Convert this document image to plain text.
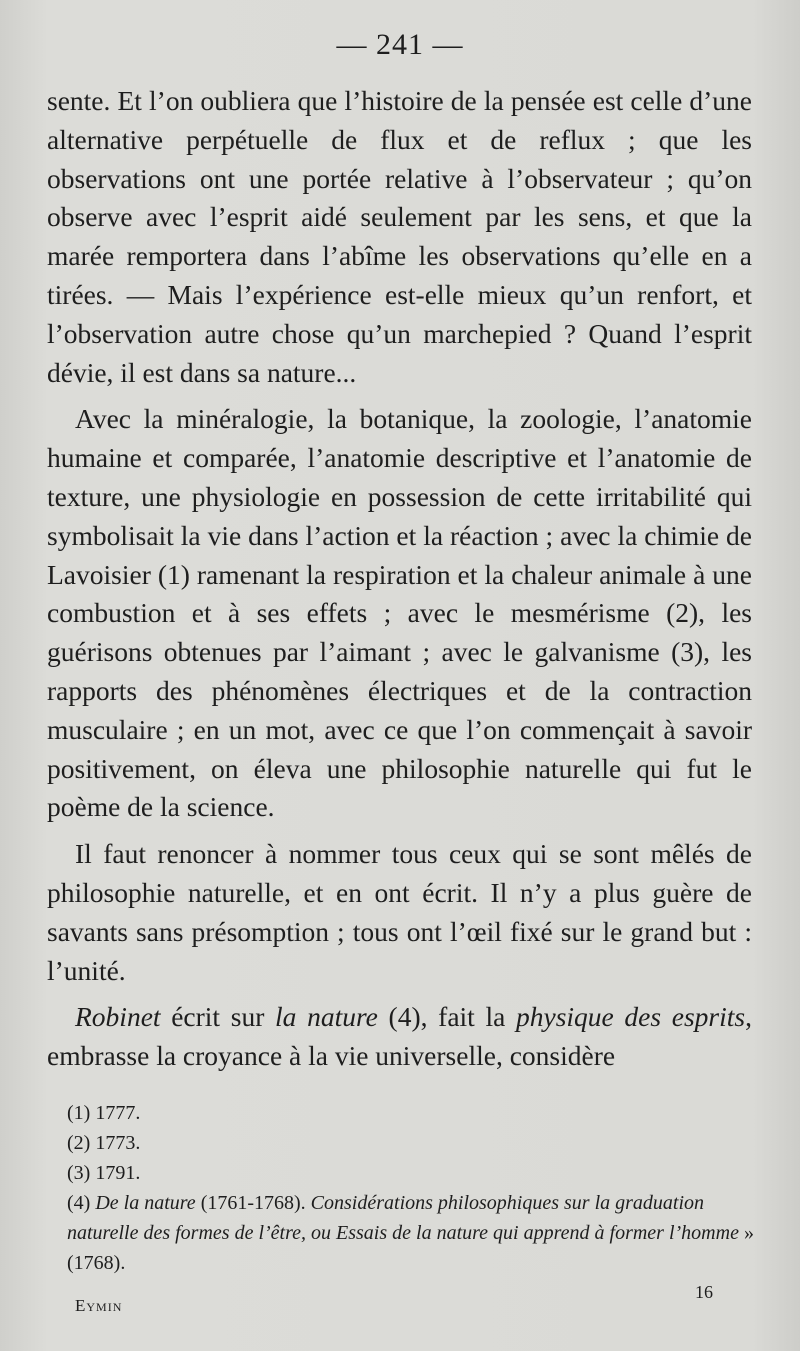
— 241 —

sente. Et l’on oubliera que l’histoire de la pensée est celle d’une alternative perpétuelle de flux et de reflux ; que les observations ont une portée relative à l’observateur ; qu’on observe avec l’esprit aidé seulement par les sens, et que la marée remportera dans l’abîme les observations qu’elle en a tirées. — Mais l’expérience est-elle mieux qu’un renfort, et l’observation autre chose qu’un marchepied ? Quand l’esprit dévie, il est dans sa nature...

Avec la minéralogie, la botanique, la zoologie, l’anatomie humaine et comparée, l’anatomie descriptive et l’anatomie de texture, une physiologie en possession de cette irritabilité qui symbolisait la vie dans l’action et la réaction ; avec la chimie de Lavoisier (1) ramenant la respiration et la chaleur animale à une combustion et à ses effets ; avec le mesmérisme (2), les guérisons obtenues par l’aimant ; avec le galvanisme (3), les rapports des phénomènes électriques et de la contraction musculaire ; en un mot, avec ce que l’on commençait à savoir positivement, on éleva une philosophie naturelle qui fut le poème de la science.

Il faut renoncer à nommer tous ceux qui se sont mêlés de philosophie naturelle, et en ont écrit. Il n’y a plus guère de savants sans présomption ; tous ont l’œil fixé sur le grand but : l’unité.

Robinet écrit sur la nature (4), fait la physique des esprits, embrasse la croyance à la vie universelle, considère

(1) 1777.

(2) 1773.

(3) 1791.

(4) De la nature (1761-1768). Considérations philosophiques sur la graduation naturelle des formes de l’être, ou Essais de la nature qui apprend à former l’homme » (1768).

Eymin
16
